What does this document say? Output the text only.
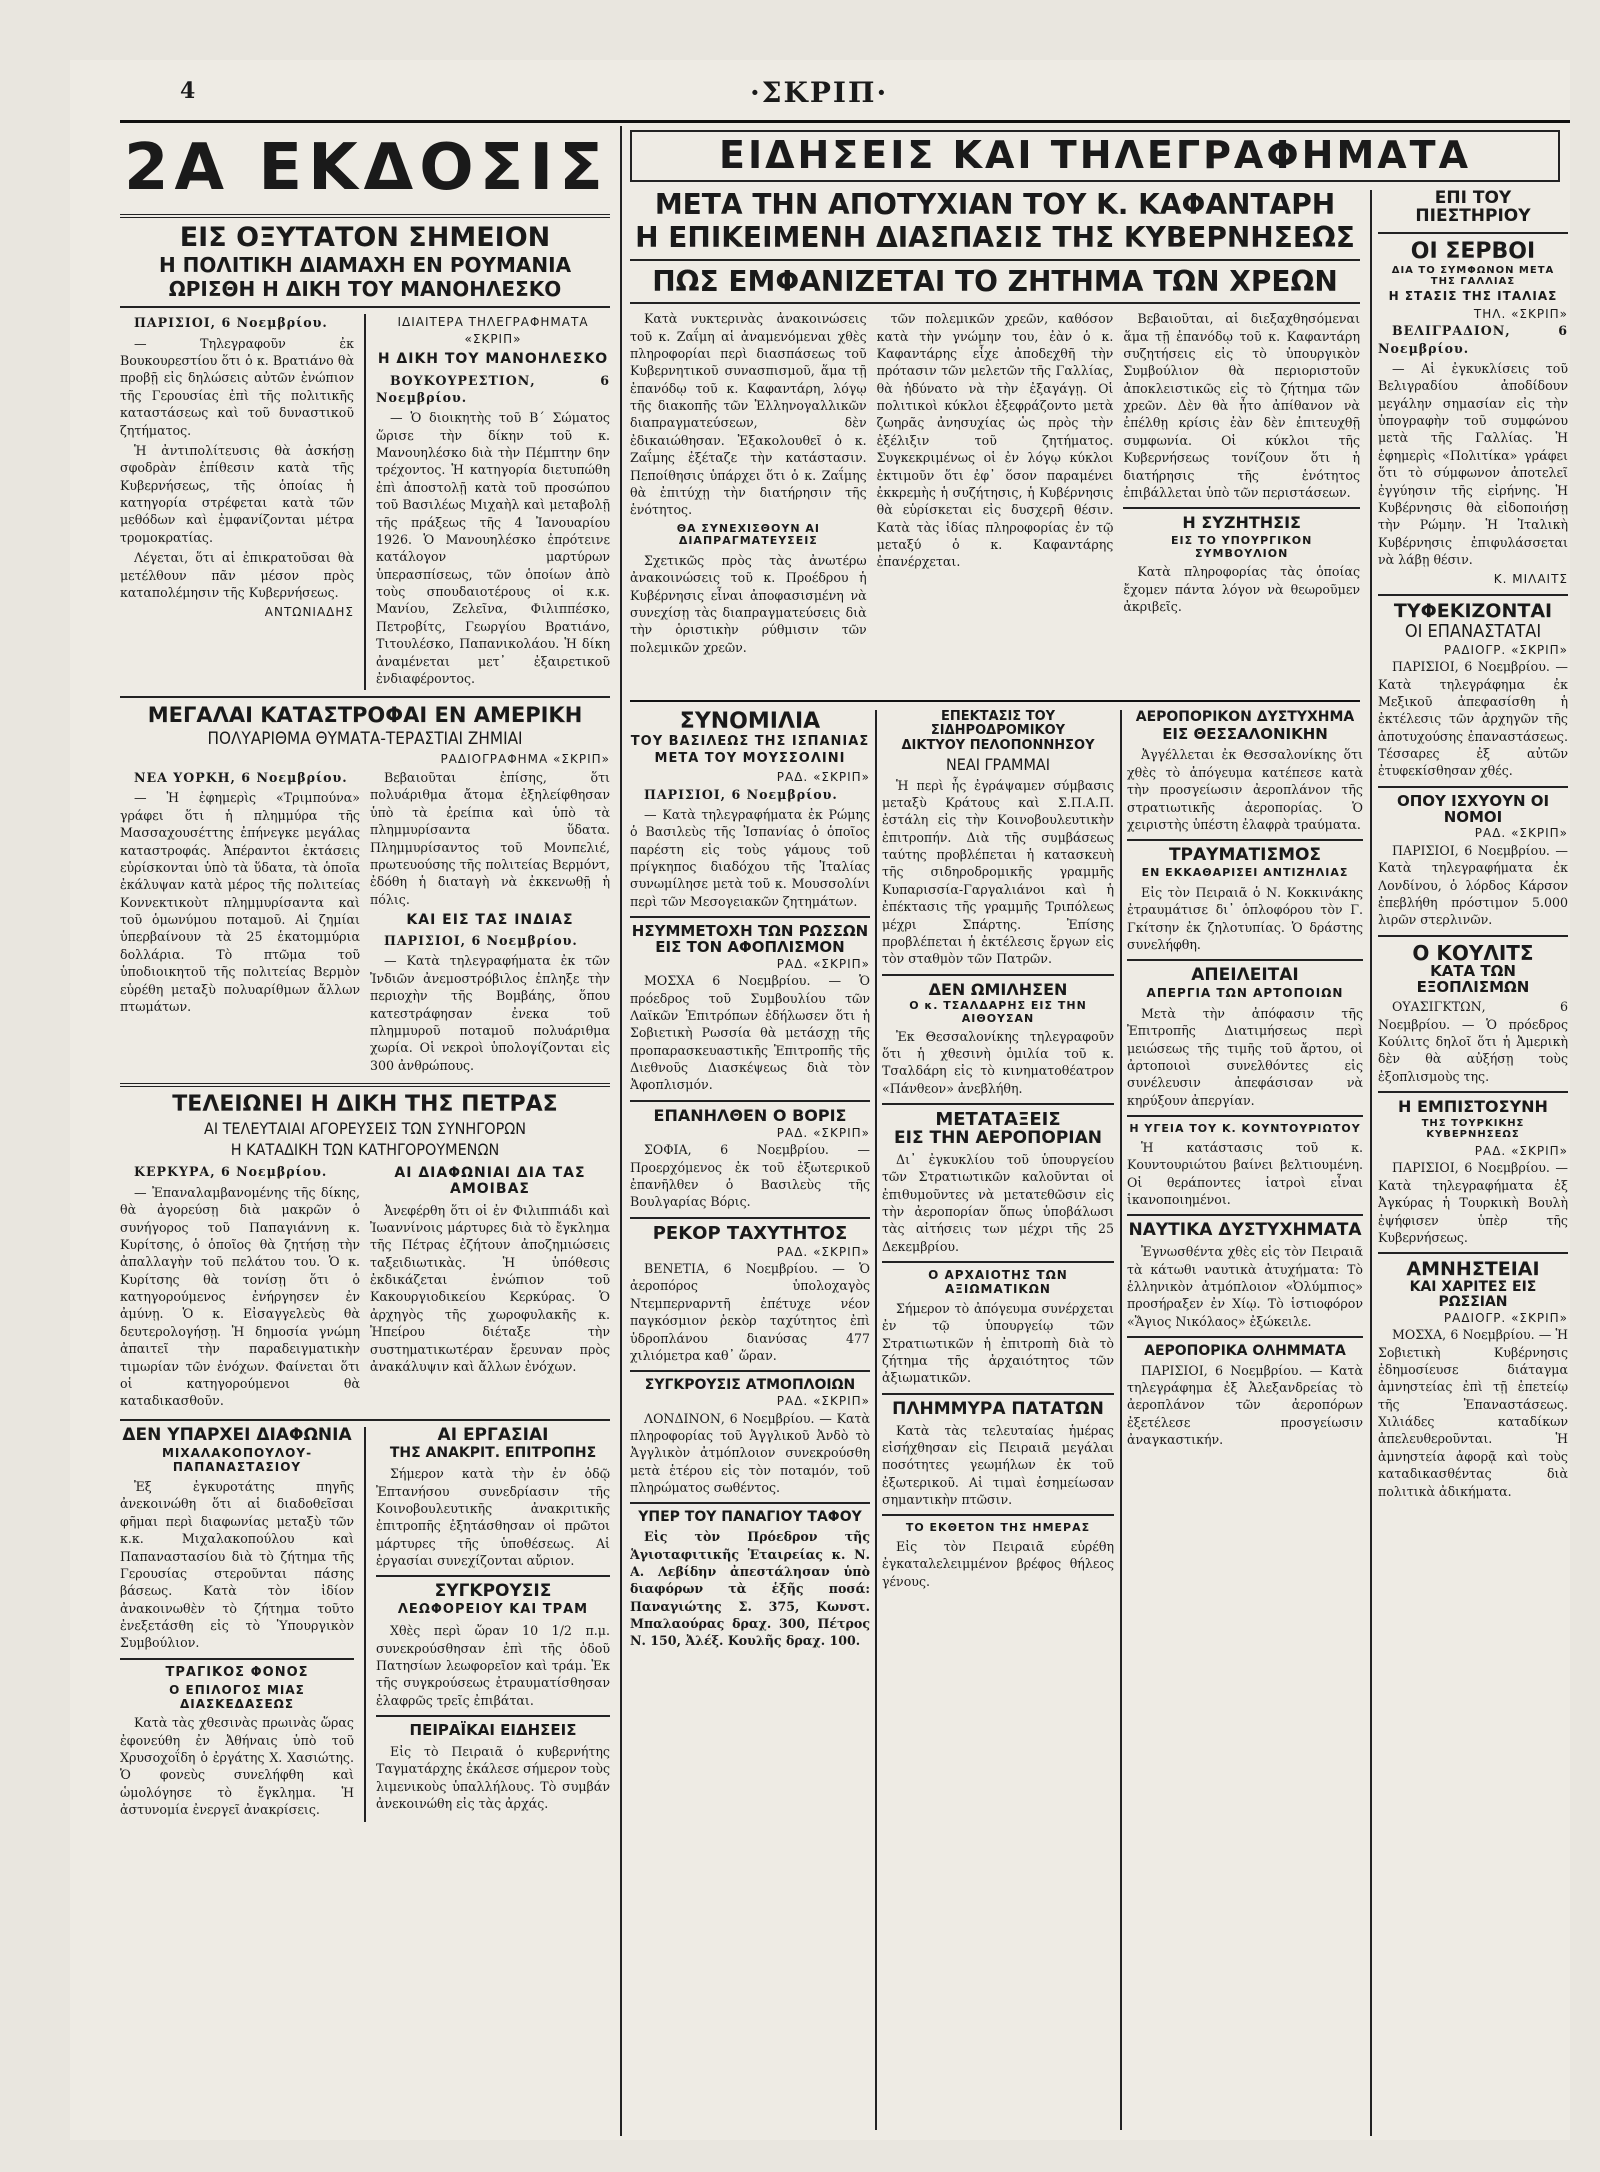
4	·ΣΚΡΙΠ·
2Α ΕΚΔΟΣΙΣ
ΕΙΣ ΟΞΥΤΑΤΟΝ ΣΗΜΕΙΟΝ
Η ΠΟΛΙΤΙΚΗ ΔΙΑΜΑΧΗ ΕΝ ΡΟΥΜΑΝΙΑ
ΩΡΙΣΘΗ Η ΔΙΚΗ ΤΟΥ ΜΑΝΟΗΛΕΣΚΟ

ΠΑΡΙΣΙΟΙ, 6 Νοεμβρίου.

— Τηλεγραφοῦν ἐκ Βουκουρεστίου ὅτι ὁ κ. Βρατιάνο θὰ προβῇ εἰς δηλώσεις αὐτῶν ἐνώπιον τῆς Γερουσίας ἐπὶ τῆς πολιτικῆς καταστάσεως καὶ τοῦ δυναστικοῦ ζητήματος.

Ἡ ἀντιπολίτευσις θὰ ἀσκήσῃ σφοδρὰν ἐπίθεσιν κατὰ τῆς Κυβερνήσεως, τῆς ὁποίας ἡ κατηγορία στρέφεται κατὰ τῶν μεθόδων καὶ ἐμφανίζονται μέτρα τρομοκρατίας.

Λέγεται, ὅτι αἱ ἐπικρατοῦσαι θὰ μετέλθουν πᾶν μέσον πρὸς καταπολέμησιν τῆς Κυβερνήσεως.

ΑΝΤΩΝΙΑΔΗΣ
ΙΔΙΑΙΤΕΡΑ ΤΗΛΕΓΡΑΦΗΜΑΤΑ «ΣΚΡΙΠ»
Η ΔΙΚΗ ΤΟΥ ΜΑΝΟΗΛΕΣΚΟ

ΒΟΥΚΟΥΡΕΣΤΙΟΝ, 6 Νοεμβρίου.

— Ὁ διοικητὴς τοῦ Β´ Σώματος ὥρισε τὴν δίκην τοῦ κ. Μανουηλέσκο διὰ τὴν Πέμπτην 6ην τρέχοντος. Ἡ κατηγορία διετυπώθη ἐπὶ ἀποστολῇ κατὰ τοῦ προσώπου τοῦ Βασιλέως Μιχαὴλ καὶ μεταβολῇ τῆς πράξεως τῆς 4 Ἰανουαρίου 1926. Ὁ Μανουηλέσκο ἐπρότεινε κατάλογον μαρτύρων ὑπερασπίσεως, τῶν ὁποίων ἀπὸ τοὺς σπουδαιοτέρους οἱ κ.κ. Μανίου, Ζελεῖνα, Φιλιππέσκο, Πετροβίτς, Γεωργίου Βρατιάνο, Τιτουλέσκο, Παπανικολάου. Ἡ δίκη ἀναμένεται μετ᾽ ἐξαιρετικοῦ ἐνδιαφέροντος.

ΜΕΓΑΛΑΙ ΚΑΤΑΣΤΡΟΦΑΙ ΕΝ ΑΜΕΡΙΚΗ
ΠΟΛΥΑΡΙΘΜΑ ΘΥΜΑΤΑ-ΤΕΡΑΣΤΙΑΙ ΖΗΜΙΑΙ
ΡΑΔΙΟΓΡΑΦΗΜΑ «ΣΚΡΙΠ»

ΝΕΑ ΥΟΡΚΗ, 6 Νοεμβρίου.

— Ἡ ἐφημερὶς «Τριμπούνα» γράφει ὅτι ἡ πλημμύρα τῆς Μασσαχουσέττης ἐπήνεγκε μεγάλας καταστροφάς. Ἀπέραντοι ἐκτάσεις εὑρίσκονται ὑπὸ τὰ ὕδατα, τὰ ὁποῖα ἐκάλυψαν κατὰ μέρος τῆς πολιτείας Κοννεκτικοὺτ πλημμυρίσαντα καὶ τοῦ ὁμωνύμου ποταμοῦ. Αἱ ζημίαι ὑπερβαίνουν τὰ 25 ἑκατομμύρια δολλάρια. Τὸ πτῶμα τοῦ ὑποδιοικητοῦ τῆς πολιτείας Βερμὸν εὑρέθη μεταξὺ πολυαρίθμων ἄλλων πτωμάτων.

Βεβαιοῦται ἐπίσης, ὅτι πολυάριθμα ἄτομα ἐξηλείφθησαν ὑπὸ τὰ ἐρείπια καὶ ὑπὸ τὰ πλημμυρίσαντα ὕδατα. Πλημμυρίσαντος τοῦ Μονπελιέ, πρωτευούσης τῆς πολιτείας Βερμόντ, ἐδόθη ἡ διαταγὴ νὰ ἐκκενωθῇ ἡ πόλις.

ΚΑΙ ΕΙΣ ΤΑΣ ΙΝΔΙΑΣ

ΠΑΡΙΣΙΟΙ, 6 Νοεμβρίου.

— Κατὰ τηλεγραφήματα ἐκ τῶν Ἰνδιῶν ἀνεμοστρόβιλος ἐπληξε τὴν περιοχὴν τῆς Βομβάης, ὅπου κατεστράφησαν ἐνεκα τοῦ πλημμυροῦ ποταμοῦ πολυάριθμα χωρία. Οἱ νεκροὶ ὑπολογίζονται εἰς 300 ἀνθρώπους.

ΤΕΛΕΙΩΝΕΙ Η ΔΙΚΗ ΤΗΣ ΠΕΤΡΑΣ
ΑΙ ΤΕΛΕΥΤΑΙΑΙ ΑΓΟΡΕΥΣΕΙΣ ΤΩΝ ΣΥΝΗΓΟΡΩΝ
Η ΚΑΤΑΔΙΚΗ ΤΩΝ ΚΑΤΗΓΟΡΟΥΜΕΝΩΝ

ΚΕΡΚΥΡΑ, 6 Νοεμβρίου.

— Ἐπαναλαμβανομένης τῆς δίκης, θὰ ἀγορεύσῃ διὰ μακρῶν ὁ συνήγορος τοῦ Παπαγιάννη κ. Κυρίτσης, ὁ ὁποῖος θὰ ζητήσῃ τὴν ἀπαλλαγὴν τοῦ πελάτου του. Ὁ κ. Κυρίτσης θὰ τονίσῃ ὅτι ὁ κατηγορούμενος ἐνήργησεν ἐν ἀμύνῃ. Ὁ κ. Εἰσαγγελεὺς θὰ δευτερολογήσῃ. Ἡ δημοσία γνώμη ἀπαιτεῖ τὴν παραδειγματικὴν τιμωρίαν τῶν ἐνόχων. Φαίνεται ὅτι οἱ κατηγορούμενοι θὰ καταδικασθοῦν.

ΑΙ ΔΙΑΦΩΝΙΑΙ ΔΙΑ ΤΑΣ ΑΜΟΙΒΑΣ

Ἀνεφέρθη ὅτι οἱ ἐν Φιλιππιάδι καὶ Ἰωαννίνοις μάρτυρες διὰ τὸ ἔγκλημα τῆς Πέτρας ἐζήτουν ἀποζημιώσεις ταξειδιωτικὰς. Ἡ ὑπόθεσις ἐκδικάζεται ἐνώπιον τοῦ Κακουργιοδικείου Κερκύρας. Ὁ ἀρχηγὸς τῆς χωροφυλακῆς κ. Ἠπείρου διέταξε τὴν συστηματικωτέραν ἔρευναν πρὸς ἀνακάλυψιν καὶ ἄλλων ἐνόχων.

ΔΕΝ ΥΠΑΡΧΕΙ ΔΙΑΦΩΝΙΑ
ΜΙΧΑΛΑΚΟΠΟΥΛΟΥ-ΠΑΠΑΝΑΣΤΑΣΙΟΥ

Ἐξ ἐγκυροτάτης πηγῆς ἀνεκοινώθη ὅτι αἱ διαδοθεῖσαι φῆμαι περὶ διαφωνίας μεταξὺ τῶν κ.κ. Μιχαλακοπούλου καὶ Παπαναστασίου διὰ τὸ ζήτημα τῆς Γερουσίας στεροῦνται πάσης βάσεως. Κατὰ τὸν ἰδίον ἀνακοινωθὲν τὸ ζήτημα τοῦτο ἐνεξετάσθη εἰς τὸ Ὑπουργικὸν Συμβούλιον.

ΤΡΑΓΙΚΟΣ ΦΟΝΟΣ
Ο ΕΠΙΛΟΓΟΣ ΜΙΑΣ ΔΙΑΣΚΕΔΑΣΕΩΣ

Κατὰ τὰς χθεσινὰς πρωινὰς ὥρας ἐφονεύθη ἐν Ἀθήναις ὑπὸ τοῦ Χρυσοχοΐδη ὁ ἐργάτης Χ. Χασιώτης. Ὁ φονεὺς συνελήφθη καὶ ὡμολόγησε τὸ ἔγκλημα. Ἡ ἀστυνομία ἐνεργεῖ ἀνακρίσεις.

ΑΙ ΕΡΓΑΣΙΑΙ
ΤΗΣ ΑΝΑΚΡΙΤ. ΕΠΙΤΡΟΠΗΣ

Σήμερον κατὰ τὴν ἐν ὁδῷ Ἐπτανήσου συνεδρίασιν τῆς Κοινοβουλευτικῆς ἀνακριτικῆς ἐπιτροπῆς ἐξητάσθησαν οἱ πρῶτοι μάρτυρες τῆς ὑποθέσεως. Αἱ ἐργασίαι συνεχίζονται αὔριον.

ΣΥΓΚΡΟΥΣΙΣ
ΛΕΩΦΟΡΕΙΟΥ ΚΑΙ ΤΡΑΜ

Χθὲς περὶ ὥραν 10 1/2 π.μ. συνεκρούσθησαν ἐπὶ τῆς ὁδοῦ Πατησίων λεωφορεῖον καὶ τράμ. Ἐκ τῆς συγκρούσεως ἐτραυματίσθησαν ἐλαφρῶς τρεῖς ἐπιβάται.

ΠΕΙΡΑΪΚΑΙ ΕΙΔΗΣΕΙΣ

Εἰς τὸ Πειραιᾶ ὁ κυβερνήτης Ταγματάρχης ἐκάλεσε σήμερον τοὺς λιμενικοὺς ὑπαλλήλους. Τὸ συμβάν ἀνεκοινώθη εἰς τὰς ἀρχάς.

ΕΙΔΗΣΕΙΣ ΚΑΙ ΤΗΛΕΓΡΑΦΗΜΑΤΑ
ΜΕΤΑ ΤΗΝ ΑΠΟΤΥΧΙΑΝ ΤΟΥ Κ. ΚΑΦΑΝΤΑΡΗ
Η ΕΠΙΚΕΙΜΕΝΗ ΔΙΑΣΠΑΣΙΣ ΤΗΣ ΚΥΒΕΡΝΗΣΕΩΣ
ΠΩΣ ΕΜΦΑΝΙΖΕΤΑΙ ΤΟ ΖΗΤΗΜΑ ΤΩΝ ΧΡΕΩΝ

Κατὰ νυκτερινὰς ἀνακοινώσεις τοῦ κ. Ζαΐμη αἱ ἀναμενόμεναι χθὲς πληροφορίαι περὶ διασπάσεως τοῦ Κυβερνητικοῦ συνασπισμοῦ, ἅμα τῇ ἐπανόδῳ τοῦ κ. Καφαντάρη, λόγῳ τῆς διακοπῆς τῶν Ἑλληνογαλλικῶν διαπραγματεύσεων, δὲν ἐδικαιώθησαν. Ἐξακολουθεῖ ὁ κ. Ζαΐμης ἐξέταζε τὴν κατάστασιν. Πεποίθησις ὑπάρχει ὅτι ὁ κ. Ζαΐμης θὰ ἐπιτύχῃ τὴν διατήρησιν τῆς ἑνότητος.

ΘΑ ΣΥΝΕΧΙΣΘΟΥΝ ΑΙ ΔΙΑΠΡΑΓΜΑΤΕΥΣΕΙΣ

Σχετικῶς πρὸς τὰς ἀνωτέρω ἀνακοινώσεις τοῦ κ. Προέδρου ἡ Κυβέρνησις εἶναι ἀποφασισμένη νὰ συνεχίσῃ τὰς διαπραγματεύσεις διὰ τὴν ὁριστικὴν ρύθμισιν τῶν πολεμικῶν χρεῶν.

τῶν πολεμικῶν χρεῶν, καθόσον κατὰ τὴν γνώμην του, ἐὰν ὁ κ. Καφαντάρης εἶχε ἀποδεχθῆ τὴν πρότασιν τῶν μελετῶν τῆς Γαλλίας, θὰ ἠδύνατο νὰ τὴν ἐξαγάγῃ. Οἱ πολιτικοὶ κύκλοι ἐξεφράζοντο μετὰ ζωηρᾶς ἀνησυχίας ὡς πρὸς τὴν ἐξέλιξιν τοῦ ζητήματος. Συγκεκριμένως οἱ ἐν λόγῳ κύκλοι ἐκτιμοῦν ὅτι ἐφ᾽ ὅσον παραμένει ἐκκρεμὴς ἡ συζήτησις, ἡ Κυβέρνησις θὰ εὑρίσκεται εἰς δυσχερῆ θέσιν. Κατὰ τὰς ἰδίας πληροφορίας ἐν τῷ μεταξύ ὁ κ. Καφαντάρης ἐπανέρχεται.

Βεβαιοῦται, αἱ διεξαχθησόμεναι ἅμα τῇ ἐπανόδῳ τοῦ κ. Καφαντάρη συζητήσεις εἰς τὸ ὑπουργικὸν Συμβούλιον θὰ περιοριστοῦν ἀποκλειστικῶς εἰς τὸ ζήτημα τῶν χρεῶν. Δὲν θὰ ἦτο ἀπίθανον νὰ ἐπέλθῃ κρίσις ἐὰν δὲν ἐπιτευχθῇ συμφωνία. Οἱ κύκλοι τῆς Κυβερνήσεως τονίζουν ὅτι ἡ διατήρησις τῆς ἑνότητος ἐπιβάλλεται ὑπὸ τῶν περιστάσεων.

Η ΣΥΖΗΤΗΣΙΣ
ΕΙΣ ΤΟ ΥΠΟΥΡΓΙΚΟΝ ΣΥΜΒΟΥΛΙΟΝ

Κατὰ πληροφορίας τὰς ὁποίας ἔχομεν πάντα λόγον νὰ θεωροῦμεν ἀκριβεῖς.

ΣΥΝΟΜΙΛΙΑ
ΤΟΥ ΒΑΣΙΛΕΩΣ ΤΗΣ ΙΣΠΑΝΙΑΣ
ΜΕΤΑ ΤΟΥ ΜΟΥΣΣΟΛΙΝΙ
ΡΑΔ. «ΣΚΡΙΠ»

ΠΑΡΙΣΙΟΙ, 6 Νοεμβρίου.

— Κατὰ τηλεγραφήματα ἐκ Ρώμης ὁ Βασιλεὺς τῆς Ἰσπανίας ὁ ὁποῖος παρέστη εἰς τοὺς γάμους τοῦ πρίγκηπος διαδόχου τῆς Ἰταλίας συνωμίλησε μετὰ τοῦ κ. Μουσσολίνι περὶ τῶν Μεσογειακῶν ζητημάτων.

ΗΣΥΜΜΕΤΟΧΗ ΤΩΝ ΡΩΣΣΩΝ
ΕΙΣ ΤΟΝ ΑΦΟΠΛΙΣΜΟΝ
ΡΑΔ. «ΣΚΡΙΠ»

ΜΟΣΧΑ 6 Νοεμβρίου. — Ὁ πρόεδρος τοῦ Συμβουλίου τῶν Λαϊκῶν Ἐπιτρόπων ἐδήλωσεν ὅτι ἡ Σοβιετικὴ Ρωσσία θὰ μετάσχῃ τῆς προπαρασκευαστικῆς Ἐπιτροπῆς τῆς Διεθνοῦς Διασκέψεως διὰ τὸν Ἀφοπλισμόν.

ΕΠΑΝΗΛΘΕΝ Ο ΒΟΡΙΣ
ΡΑΔ. «ΣΚΡΙΠ»

ΣΟΦΙΑ, 6 Νοεμβρίου. — Προερχόμενος ἐκ τοῦ ἐξωτερικοῦ ἐπανῆλθεν ὁ Βασιλεὺς τῆς Βουλγαρίας Βόρις.

ΡΕΚΟΡ ΤΑΧΥΤΗΤΟΣ
ΡΑΔ. «ΣΚΡΙΠ»

ΒΕΝΕΤΙΑ, 6 Νοεμβρίου. — Ὁ ἀεροπόρος ὑπολοχαγὸς Ντεμπερναρντῆ ἐπέτυχε νέον παγκόσμιον ῥεκὸρ ταχύτητος ἐπὶ ὑδροπλάνου διανύσας 477 χιλιόμετρα καθ᾽ ὥραν.

ΣΥΓΚΡΟΥΣΙΣ ΑΤΜΟΠΛΟΙΩΝ
ΡΑΔ. «ΣΚΡΙΠ»

ΛΟΝΔΙΝΟΝ, 6 Νοεμβρίου. — Κατὰ πληροφορίας τοῦ Ἀγγλικοῦ Ἀνδὸ τὸ Ἀγγλικὸν ἀτμόπλοιον συνεκρούσθη μετὰ ἑτέρου εἰς τὸν ποταμόν, τοῦ πληρώματος σωθέντος.

ΥΠΕΡ ΤΟΥ ΠΑΝΑΓΙΟΥ ΤΑΦΟΥ

Εἰς τὸν Πρόεδρον τῆς Ἁγιοταφιτικῆς Ἑταιρείας κ. Ν. Α. Λεβίδην ἀπεστάλησαν ὑπὸ διαφόρων τὰ ἑξῆς ποσά: Παναγιώτης Σ. 375, Κωνστ. Μπαλαούρας δραχ. 300, Πέτρος Ν. 150, Ἀλέξ. Κουλῆς δραχ. 100.

ΕΠΕΚΤΑΣΙΣ ΤΟΥ ΣΙΔΗΡΟΔΡΟΜΙΚΟΥ
ΔΙΚΤΥΟΥ ΠΕΛΟΠΟΝΝΗΣΟΥ
ΝΕΑΙ ΓΡΑΜΜΑΙ

Ἡ περὶ ἧς ἐγράψαμεν σύμβασις μεταξὺ Κράτους καὶ Σ.Π.Α.Π. ἐστάλη εἰς τὴν Κοινοβουλευτικὴν ἐπιτροπήν. Διὰ τῆς συμβάσεως ταύτης προβλέπεται ἡ κατασκευὴ τῆς σιδηροδρομικῆς γραμμῆς Κυπαρισσία-Γαργαλιάνοι καὶ ἡ ἐπέκτασις τῆς γραμμῆς Τριπόλεως μέχρι Σπάρτης. Ἐπίσης προβλέπεται ἡ ἐκτέλεσις ἔργων εἰς τὸν σταθμὸν τῶν Πατρῶν.

ΔΕΝ ΩΜΙΛΗΣΕΝ
Ο κ. ΤΣΑΛΔΑΡΗΣ ΕΙΣ ΤΗΝ ΑΙΘΟΥΣΑΝ

Ἐκ Θεσσαλονίκης τηλεγραφοῦν ὅτι ἡ χθεσινὴ ὁμιλία τοῦ κ. Τσαλδάρη εἰς τὸ κινηματοθέατρον «Πάνθεον» ἀνεβλήθη.

ΜΕΤΑΤΑΞΕΙΣ
ΕΙΣ ΤΗΝ ΑΕΡΟΠΟΡΙΑΝ

Δι᾽ ἐγκυκλίου τοῦ ὑπουργείου τῶν Στρατιωτικῶν καλοῦνται οἱ ἐπιθυμοῦντες νὰ μετατεθῶσιν εἰς τὴν ἀεροπορίαν ὅπως ὑποβάλωσι τὰς αἰτήσεις των μέχρι τῆς 25 Δεκεμβρίου.

Ο ΑΡΧΑΙΟΤΗΣ ΤΩΝ ΑΞΙΩΜΑΤΙΚΩΝ

Σήμερον τὸ ἀπόγευμα συνέρχεται ἐν τῷ ὑπουργείῳ τῶν Στρατιωτικῶν ἡ ἐπιτροπὴ διὰ τὸ ζήτημα τῆς ἀρχαιότητος τῶν ἀξιωματικῶν.

ΠΛΗΜΜΥΡΑ ΠΑΤΑΤΩΝ

Κατὰ τὰς τελευταίας ἡμέρας εἰσήχθησαν εἰς Πειραιᾶ μεγάλαι ποσότητες γεωμήλων ἐκ τοῦ ἐξωτερικοῦ. Αἱ τιμαὶ ἐσημείωσαν σημαντικὴν πτῶσιν.

ΤΟ ΕΚΘΕΤΟΝ ΤΗΣ ΗΜΕΡΑΣ

Εἰς τὸν Πειραιᾶ εὑρέθη ἐγκαταλελειμμένον βρέφος θήλεος γένους.

ΑΕΡΟΠΟΡΙΚΟΝ ΔΥΣΤΥΧΗΜΑ
ΕΙΣ ΘΕΣΣΑΛΟΝΙΚΗΝ

Ἀγγέλλεται ἐκ Θεσσαλονίκης ὅτι χθὲς τὸ ἀπόγευμα κατέπεσε κατὰ τὴν προσγείωσιν ἀεροπλάνον τῆς στρατιωτικῆς ἀεροπορίας. Ὁ χειριστὴς ὑπέστη ἐλαφρὰ τραύματα.

ΤΡΑΥΜΑΤΙΣΜΟΣ
ΕΝ ΕΚΚΑΘΑΡΙΣΕΙ ΑΝΤΙΖΗΛΙΑΣ

Εἰς τὸν Πειραιᾶ ὁ Ν. Κοκκινάκης ἐτραυμάτισε δι᾽ ὁπλοφόρου τὸν Γ. Γκίτσην ἐκ ζηλοτυπίας. Ὁ δράστης συνελήφθη.

ΑΠΕΙΛΕΙΤΑΙ
ΑΠΕΡΓΙΑ ΤΩΝ ΑΡΤΟΠΟΙΩΝ

Μετὰ τὴν ἀπόφασιν τῆς Ἐπιτροπῆς Διατιμήσεως περὶ μειώσεως τῆς τιμῆς τοῦ ἄρτου, οἱ ἀρτοποιοὶ συνελθόντες εἰς συνέλευσιν ἀπεφάσισαν νὰ κηρύξουν ἀπεργίαν.

Η ΥΓΕΙΑ ΤΟΥ Κ. ΚΟΥΝΤΟΥΡΙΩΤΟΥ

Ἡ κατάστασις τοῦ κ. Κουντουριώτου βαίνει βελτιουμένη. Οἱ θεράποντες ἰατροὶ εἶναι ἱκανοποιημένοι.

ΝΑΥΤΙΚΑ ΔΥΣΤΥΧΗΜΑΤΑ

Ἐγνωσθέντα χθὲς εἰς τὸν Πειραιᾶ τὰ κάτωθι ναυτικὰ ἀτυχήματα: Τὸ ἑλληνικὸν ἀτμόπλοιον «Ὀλύμπιος» προσήραξεν ἐν Χίῳ. Τὸ ἱστιοφόρον «Ἅγιος Νικόλαος» ἐξώκειλε.

ΑΕΡΟΠΟΡΙΚΑ ΟΛΗΜΜΑΤΑ

ΠΑΡΙΣΙΟΙ, 6 Νοεμβρίου. — Κατὰ τηλεγράφημα ἐξ Ἀλεξανδρείας τὸ ἀεροπλάνον τῶν ἀεροπόρων ἐξετέλεσε προσγείωσιν ἀναγκαστικήν.

ΕΠΙ ΤΟΥ ΠΙΕΣΤΗΡΙΟΥ
ΟΙ ΣΕΡΒΟΙ
ΔΙΑ ΤΟ ΣΥΜΦΩΝΟΝ ΜΕΤΑ ΤΗΣ ΓΑΛΛΙΑΣ
Η ΣΤΑΣΙΣ ΤΗΣ ΙΤΑΛΙΑΣ
ΤΗΛ. «ΣΚΡΙΠ»

ΒΕΛΙΓΡΑΔΙΟΝ, 6 Νοεμβρίου.

— Αἱ ἐγκυκλίσεις τοῦ Βελιγραδίου ἀποδίδουν μεγάλην σημασίαν εἰς τὴν ὑπογραφὴν τοῦ συμφώνου μετὰ τῆς Γαλλίας. Ἡ ἐφημερὶς «Πολιτίκα» γράφει ὅτι τὸ σύμφωνον ἀποτελεῖ ἐγγύησιν τῆς εἰρήνης. Ἡ Κυβέρνησις θὰ εἰδοποιήσῃ τὴν Ρώμην. Ἡ Ἰταλικὴ Κυβέρνησις ἐπιφυλάσσεται νὰ λάβῃ θέσιν.

Κ. ΜΙΛΑΙΤΣ
ΤΥΦΕΚΙΖΟΝΤΑΙ
ΟΙ ΕΠΑΝΑΣΤΑΤΑΙ
ΡΑΔΙΟΓΡ. «ΣΚΡΙΠ»

ΠΑΡΙΣΙΟΙ, 6 Νοεμβρίου. — Κατὰ τηλεγράφημα ἐκ Μεξικοῦ ἀπεφασίσθη ἡ ἐκτέλεσις τῶν ἀρχηγῶν τῆς ἀποτυχούσης ἐπαναστάσεως. Τέσσαρες ἐξ αὐτῶν ἐτυφεκίσθησαν χθές.

ΟΠΟΥ ΙΣΧΥΟΥΝ ΟΙ ΝΟΜΟΙ
ΡΑΔ. «ΣΚΡΙΠ»

ΠΑΡΙΣΙΟΙ, 6 Νοεμβρίου. — Κατὰ τηλεγραφήματα ἐκ Λονδίνου, ὁ λόρδος Κάρσον ἐπεβλήθη πρόστιμον 5.000 λιρῶν στερλινῶν.

Ο ΚΟΥΛΙΤΣ
ΚΑΤΑ ΤΩΝ ΕΞΟΠΛΙΣΜΩΝ

ΟΥΑΣΙΓΚΤΩΝ, 6 Νοεμβρίου. — Ὁ πρόεδρος Κούλιτς δηλοῖ ὅτι ἡ Ἀμερικὴ δὲν θὰ αὐξήσῃ τοὺς ἐξοπλισμοὺς της.

Η ΕΜΠΙΣΤΟΣΥΝΗ
ΤΗΣ ΤΟΥΡΚΙΚΗΣ ΚΥΒΕΡΝΗΣΕΩΣ
ΡΑΔ. «ΣΚΡΙΠ»

ΠΑΡΙΣΙΟΙ, 6 Νοεμβρίου. — Κατὰ τηλεγραφήματα ἐξ Ἀγκύρας ἡ Τουρκικὴ Βουλὴ ἐψήφισεν ὑπὲρ τῆς Κυβερνήσεως.

ΑΜΝΗΣΤΕΙΑΙ
ΚΑΙ ΧΑΡΙΤΕΣ ΕΙΣ ΡΩΣΣΙΑΝ
ΡΑΔΙΟΓΡ. «ΣΚΡΙΠ»

ΜΟΣΧΑ, 6 Νοεμβρίου. — Ἡ Σοβιετικὴ Κυβέρνησις ἐδημοσίευσε διάταγμα ἀμνηστείας ἐπὶ τῇ ἐπετείῳ τῆς Ἐπαναστάσεως. Χιλιάδες καταδίκων ἀπελευθεροῦνται. Ἡ ἀμνηστεία ἀφορᾷ καὶ τοὺς καταδικασθέντας διὰ πολιτικὰ ἀδικήματα.
